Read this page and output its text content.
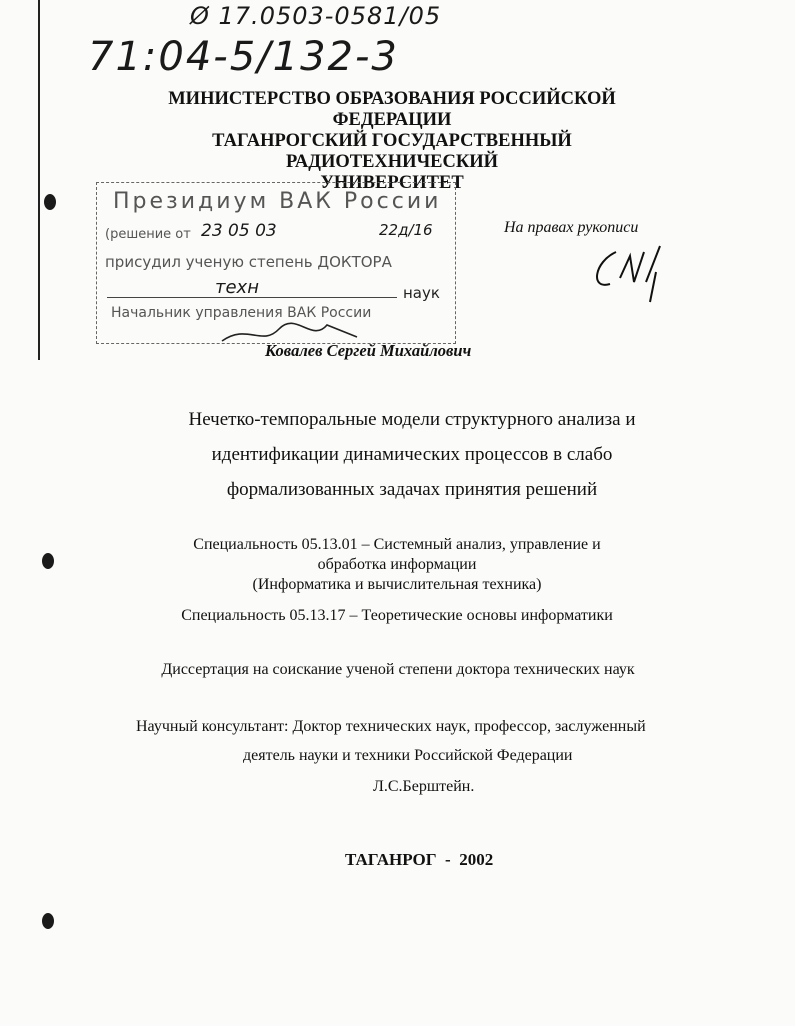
Ø 17.0503-0581/05
71:04-5/132-3
МИНИСТЕРСТВО ОБРАЗОВАНИЯ РОССИЙСКОЙ
ФЕДЕРАЦИИ
ТАГАНРОГСКИЙ ГОСУДАРСТВЕННЫЙ
РАДИОТЕХНИЧЕСКИЙ
УНИВЕРСИТЕТ
Президиум ВАК России
(решение от 23 05 03	22д/16
присудил ученую степень ДОКТОРА
техн	наук
Начальник управления ВАК России
На правах рукописи
Ковалев Сергей Михайлович
Нечетко-темпоральные модели структурного анализа и
идентификации динамических процессов в слабо
формализованных задачах принятия решений
Специальность 05.13.01 – Системный анализ, управление и
обработка информации
(Информатика и вычислительная техника)
Специальность 05.13.17 – Теоретические основы информатики
Диссертация на соискание ученой степени доктора технических наук
Научный консультант: Доктор технических наук, профессор, заслуженный
деятель науки и техники Российской Федерации
Л.С.Берштейн.
ТАГАНРОГ  -  2002
